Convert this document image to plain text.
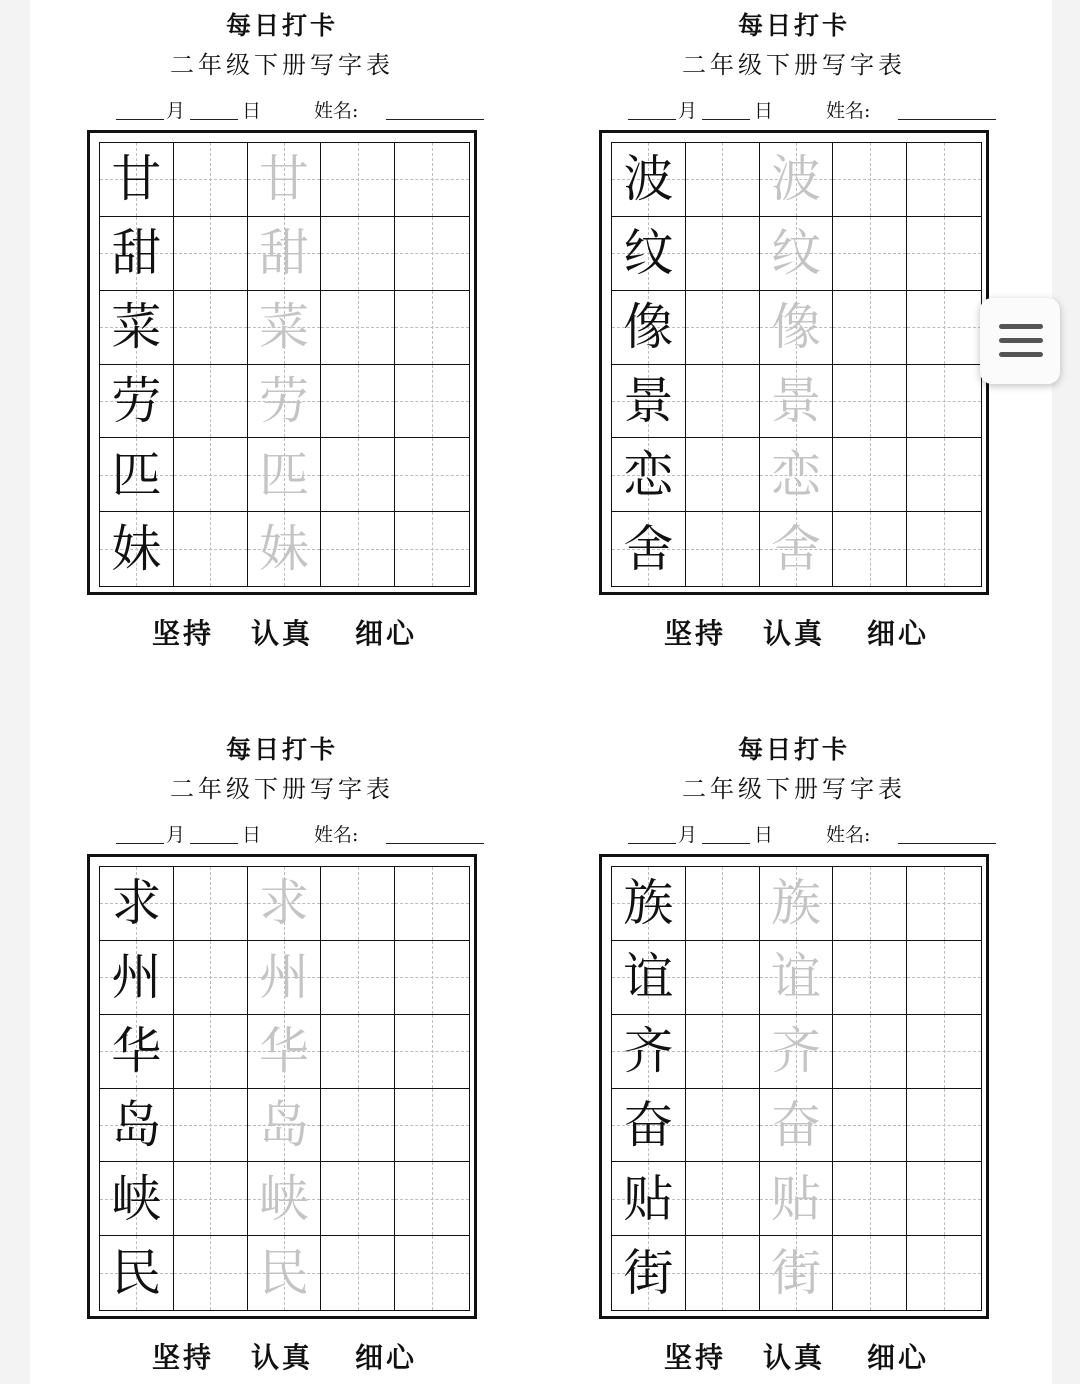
每日打卡
二年级下册写字表
月	日	姓名:
甘 甘
甜 甜
菜 菜
劳 劳
匹 匹
妹 妹
坚持 认真 细心
每日打卡
二年级下册写字表
月	日	姓名:
波 波
纹 纹
像 像
景 景
恋 恋
舍 舍
坚持 认真 细心
每日打卡
二年级下册写字表
月	日	姓名:
求 求
州 州
华 华
岛 岛
峡 峡
民 民
坚持 认真 细心
每日打卡
二年级下册写字表
月	日	姓名:
族 族
谊 谊
齐 齐
奋 奋
贴 贴
街 街
坚持 认真 细心
